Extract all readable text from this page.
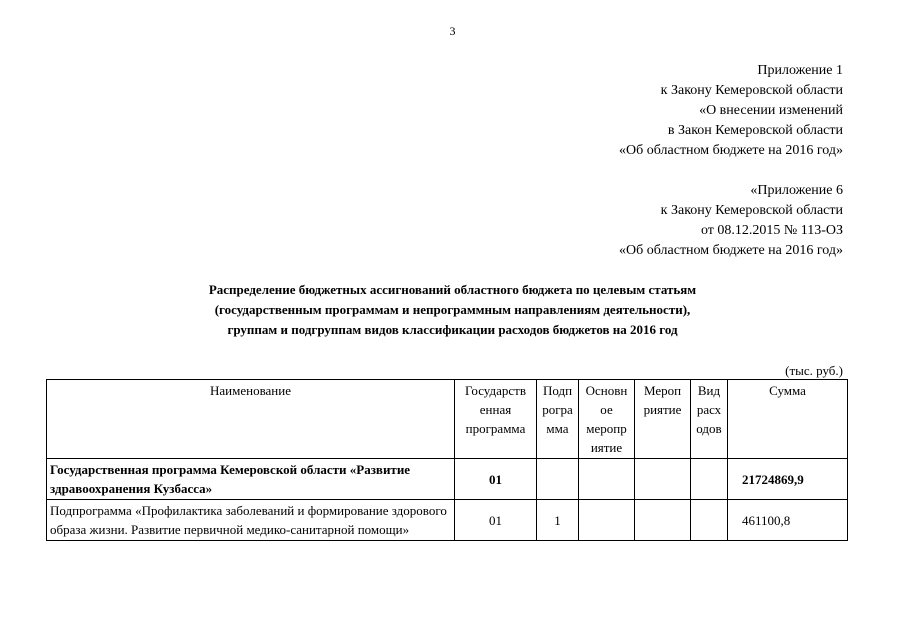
3
Приложение 1
к Закону Кемеровской области
«О внесении изменений
в Закон Кемеровской области
«Об областном бюджете на 2016 год»
«Приложение 6
к Закону Кемеровской области
от 08.12.2015 № 113-ОЗ
«Об областном бюджете на 2016 год»
Распределение бюджетных ассигнований областного бюджета по целевым статьям
(государственным программам и непрограммным направлениям деятельности),
группам и подгруппам видов классификации расходов бюджетов на 2016 год
(тыс. руб.)
Наименование	Государств енная программа	Подп рогра мма	Основн ое меропр иятие	Мероп риятие	Вид расх одов	Сумма
Государственная программа Кемеровской области «Развитие здравоохранения Кузбасса»	01					21724869,9
Подпрограмма «Профилактика заболеваний и формирование здорового образа жизни. Развитие первичной медико-санитарной помощи»	01	1				461100,8
